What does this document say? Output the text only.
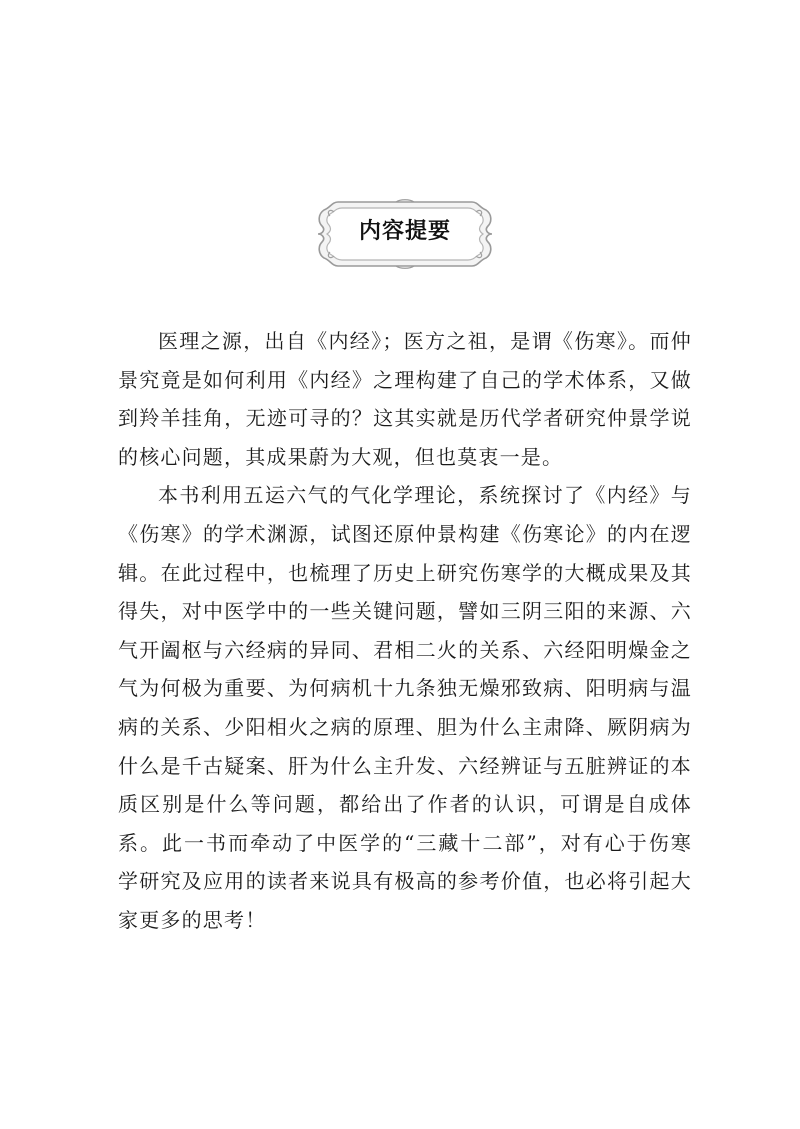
内容提要

医理之源，出自《内经》；医方之祖，是谓《伤寒》。而仲景究竟是如何利用《内经》之理构建了自己的学术体系，又做到羚羊挂角，无迹可寻的？这其实就是历代学者研究仲景学说的核心问题，其成果蔚为大观，但也莫衷一是。

本书利用五运六气的气化学理论，系统探讨了《内经》与《伤寒》的学术渊源，试图还原仲景构建《伤寒论》的内在逻辑。在此过程中，也梳理了历史上研究伤寒学的大概成果及其得失，对中医学中的一些关键问题，譬如三阴三阳的来源、六气开阖枢与六经病的异同、君相二火的关系、六经阳明燥金之气为何极为重要、为何病机十九条独无燥邪致病、阳明病与温病的关系、少阳相火之病的原理、胆为什么主肃降、厥阴病为什么是千古疑案、肝为什么主升发、六经辨证与五脏辨证的本质区别是什么等问题，都给出了作者的认识，可谓是自成体系。此一书而牵动了中医学的“三藏十二部”，对有心于伤寒学研究及应用的读者来说具有极高的参考价值，也必将引起大家更多的思考！
